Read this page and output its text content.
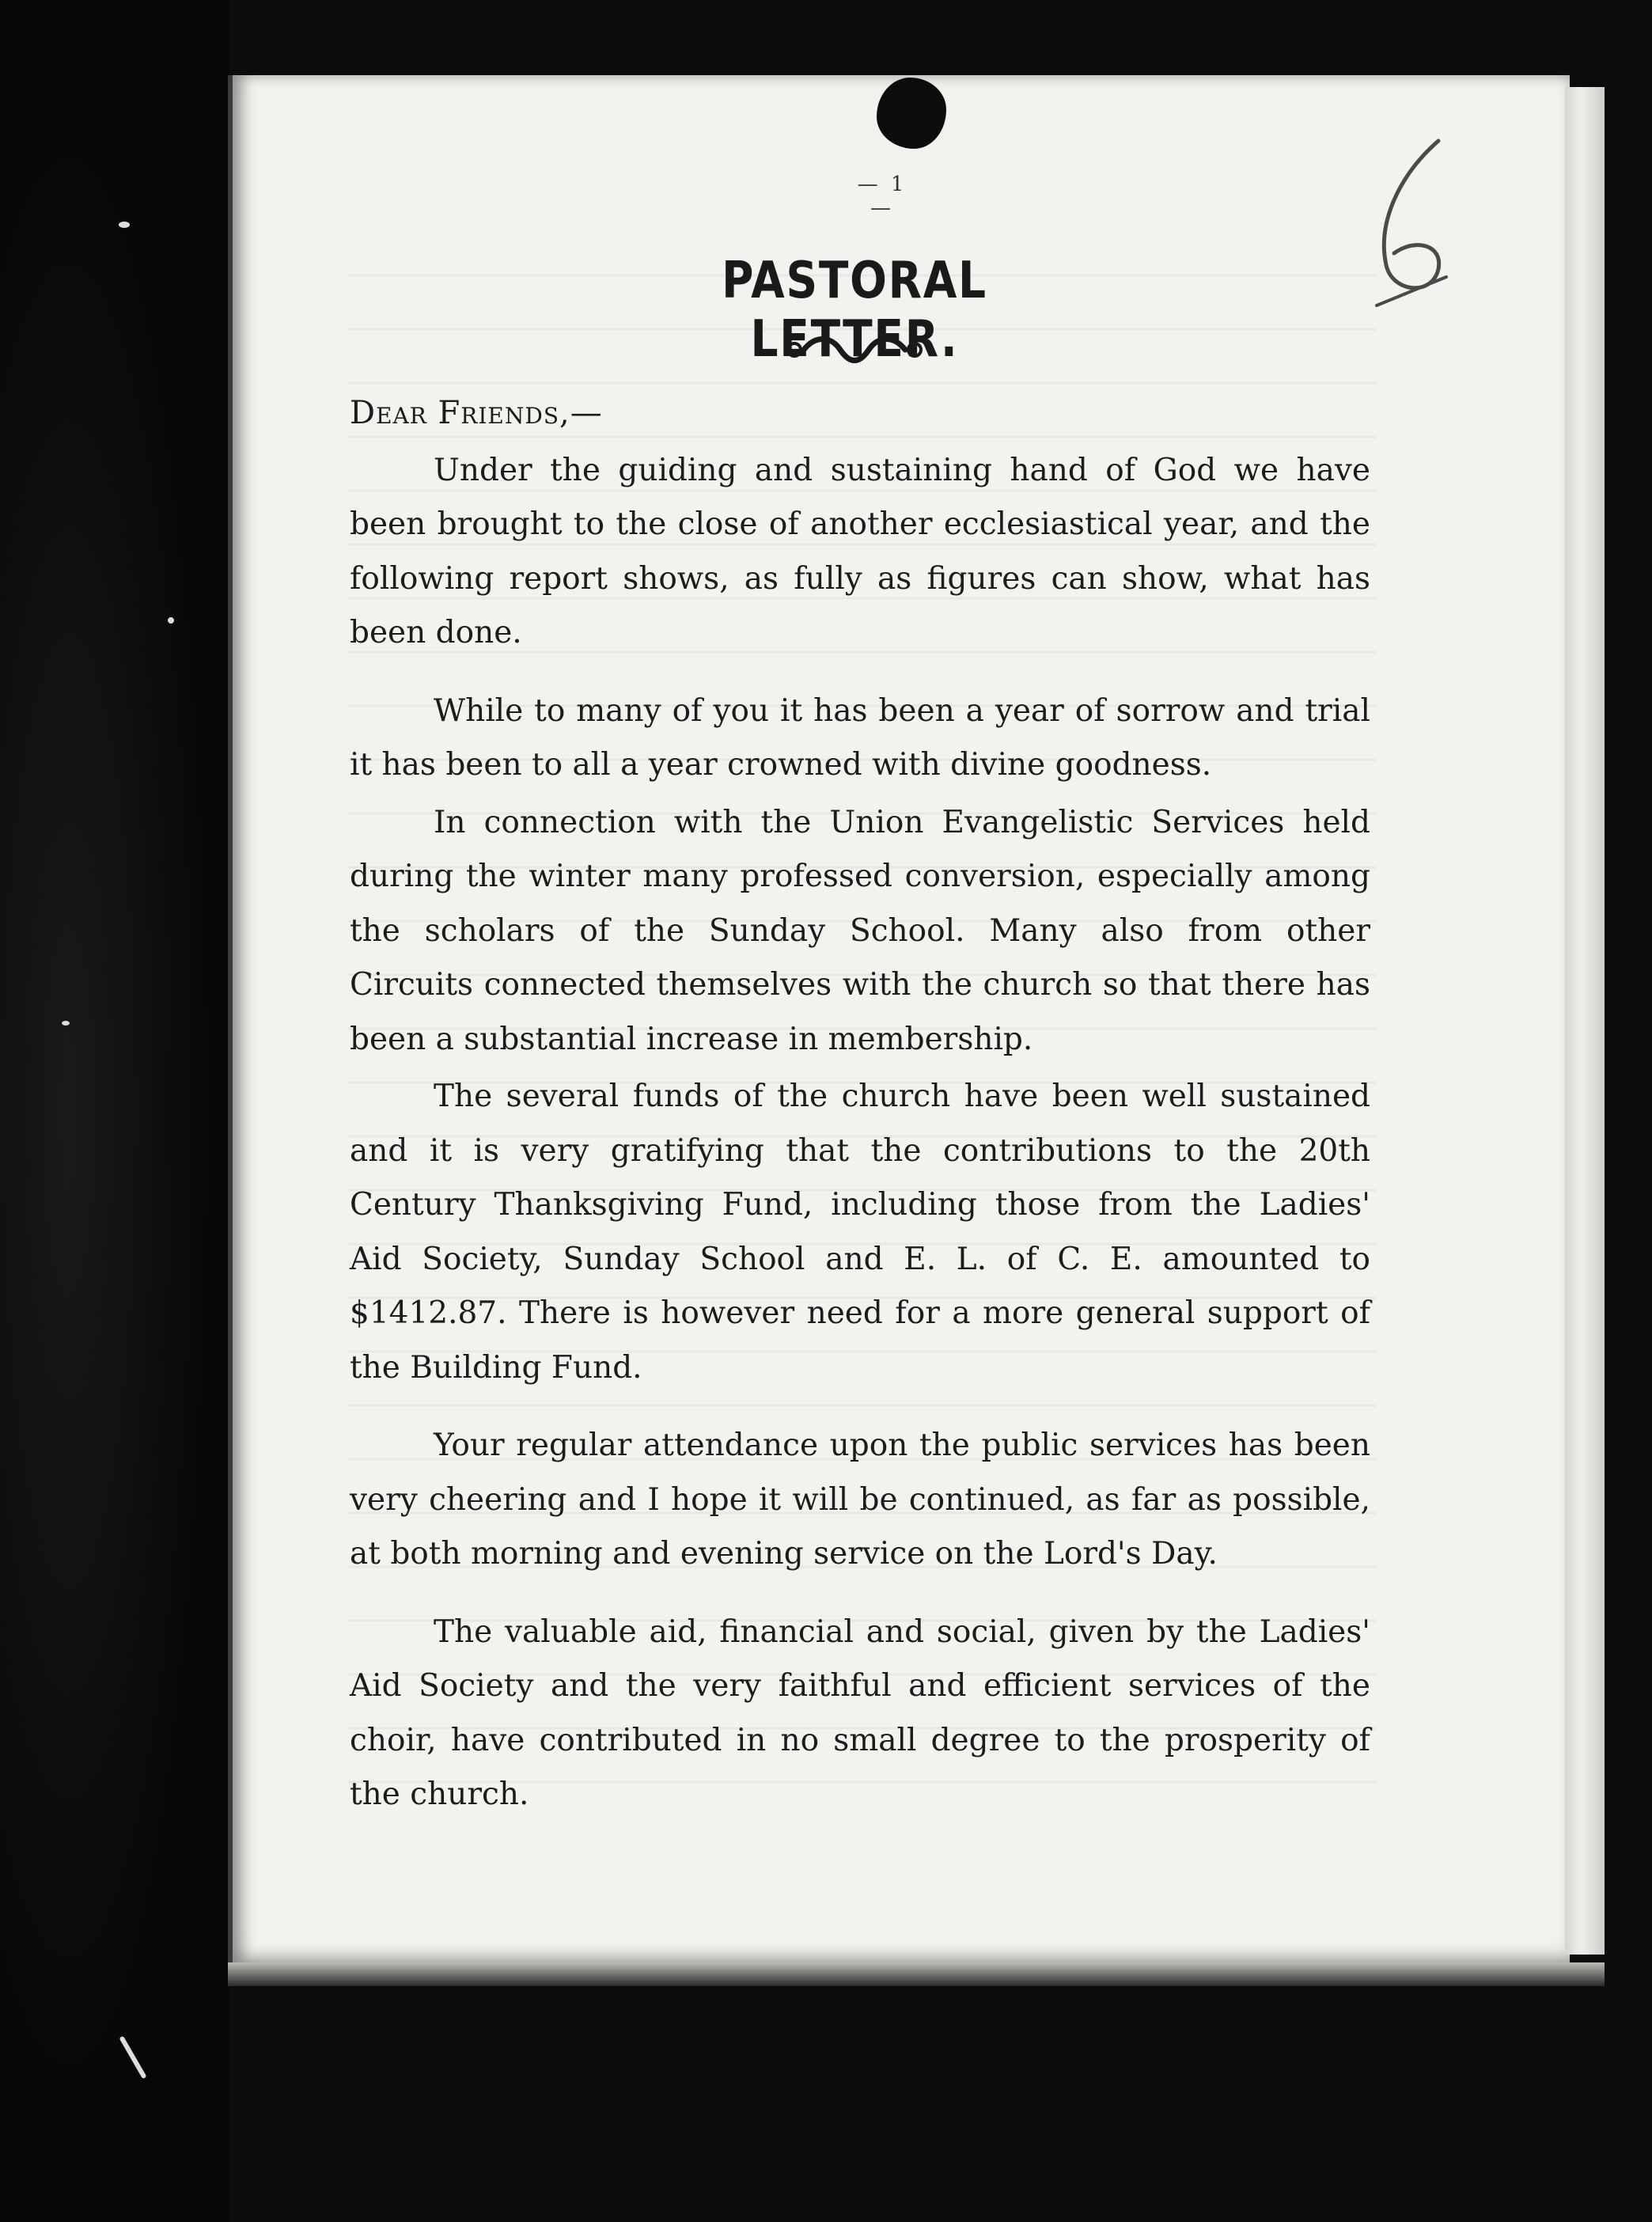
— 1 —
PASTORAL LETTER.

Dear Friends,—

Under the guiding and sustaining hand of God we have been brought to the close of another ecclesiastical year, and the following report shows, as fully as figures can show, what has been done.

While to many of you it has been a year of sorrow and trial it has been to all a year crowned with divine goodness.

In connection with the Union Evangelistic Services held during the winter many professed conversion, especially among the scholars of the Sunday School. Many also from other Circuits connected themselves with the church so that there has been a substantial increase in membership.

The several funds of the church have been well sustained and it is very gratifying that the contributions to the 20th Century Thanksgiving Fund, including those from the Ladies' Aid Society, Sunday School and E. L. of C. E. amounted to $1412.87. There is however need for a more general support of the Building Fund.

Your regular attendance upon the public services has been very cheering and I hope it will be continued, as far as possible, at both morning and evening service on the Lord's Day.

The valuable aid, financial and social, given by the Ladies' Aid Society and the very faithful and efficient services of the choir, have contributed in no small degree to the prosperity of the church.
